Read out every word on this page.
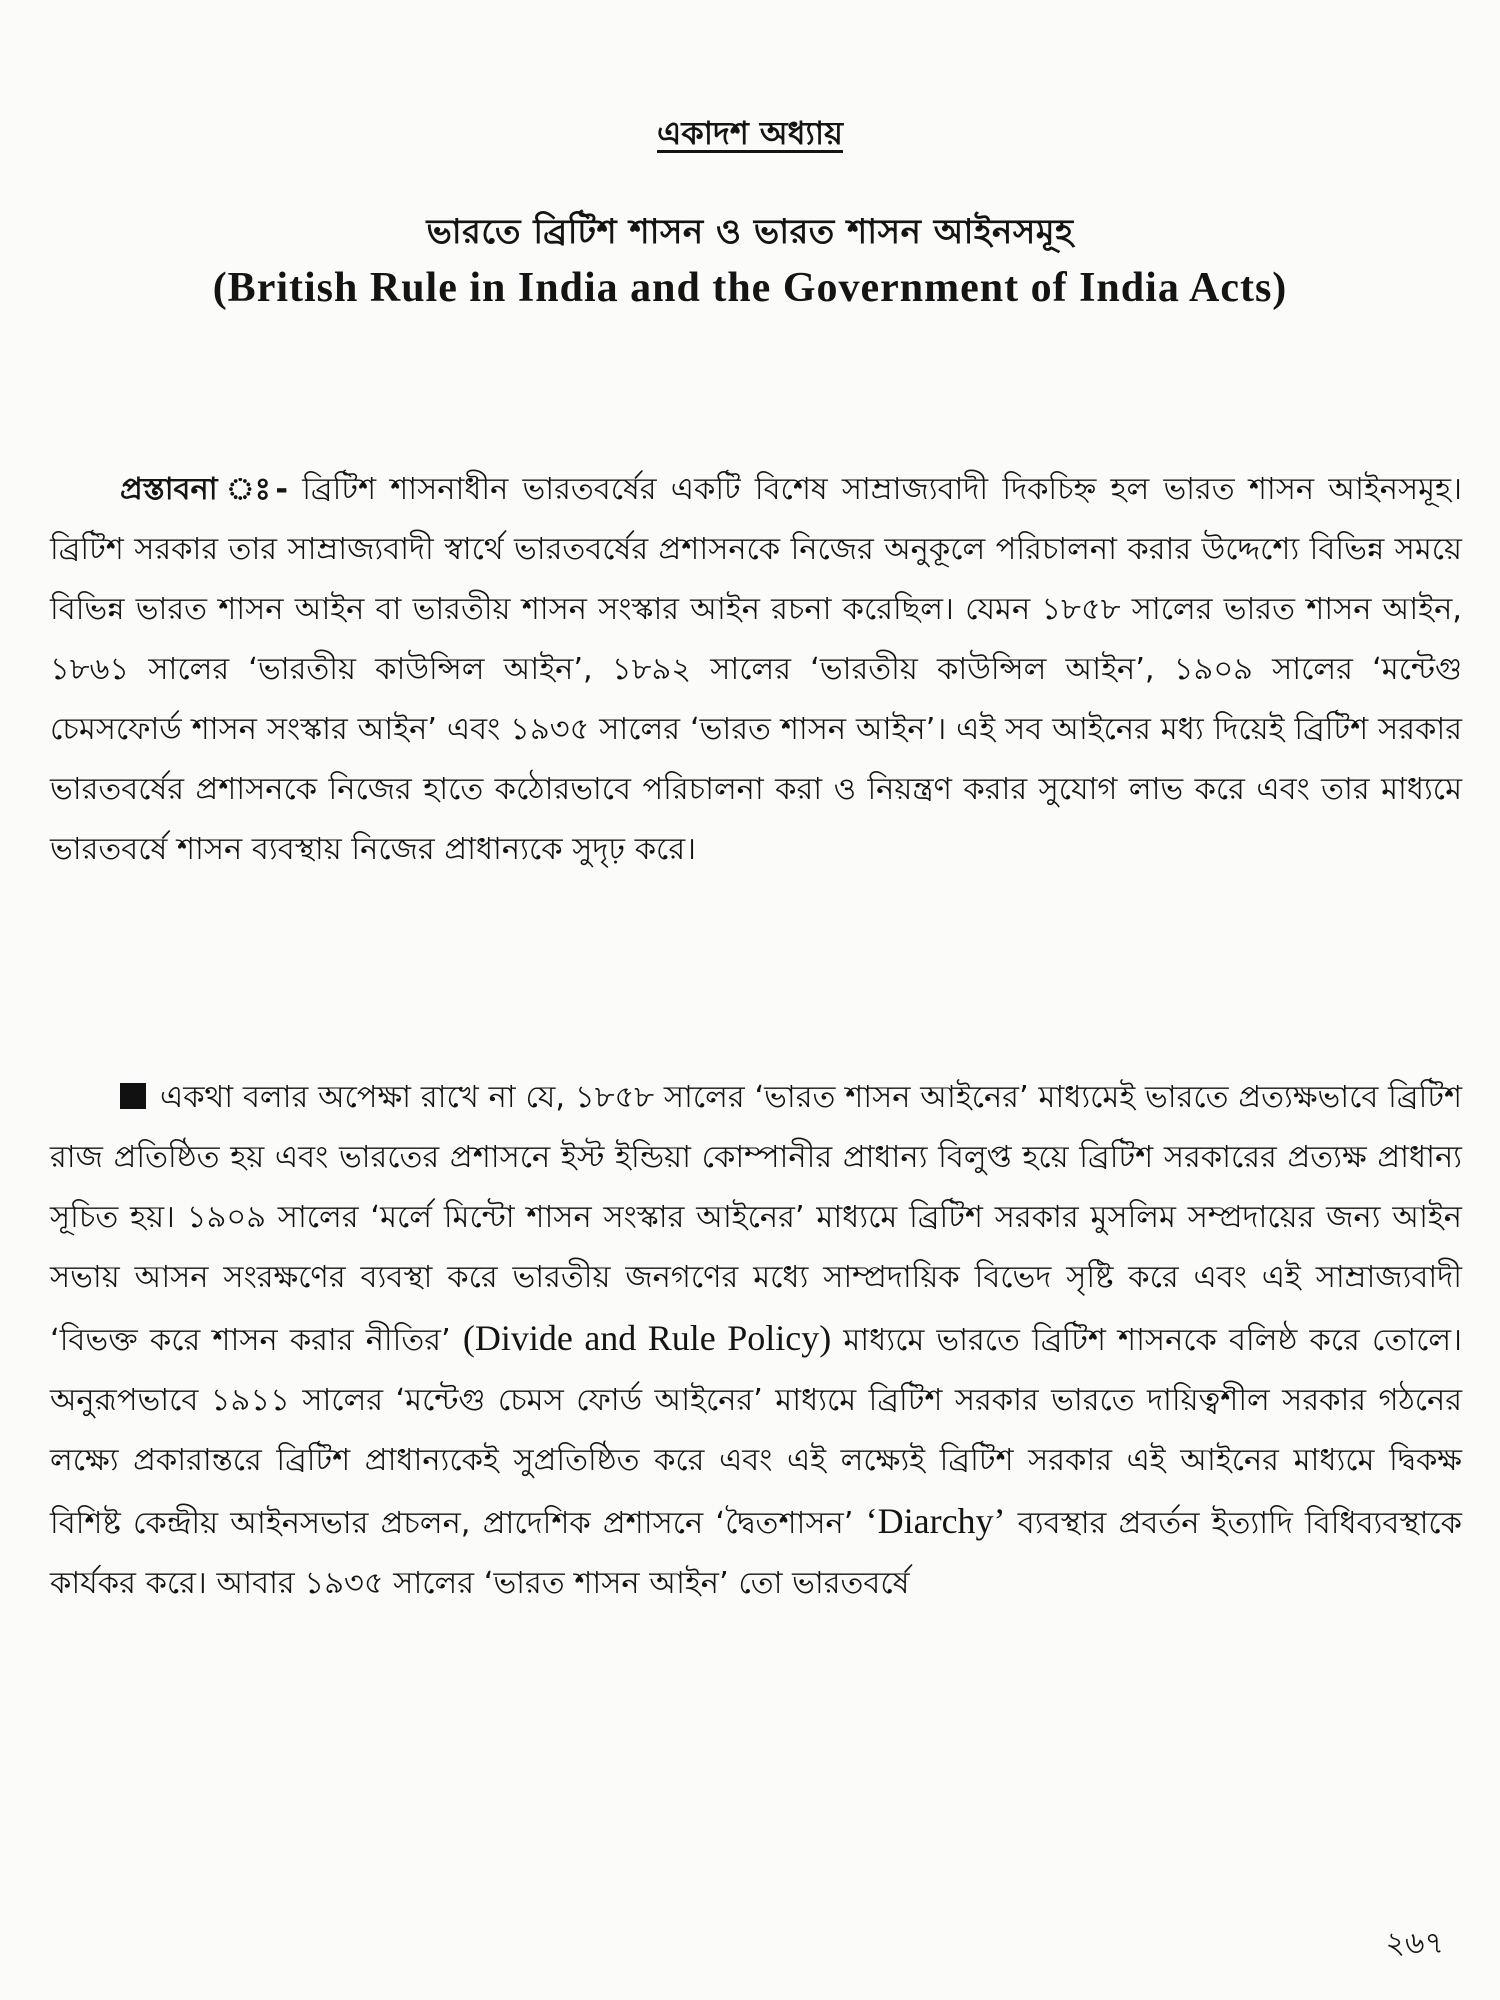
একাদশ অধ্যায়
ভারতে ব্রিটিশ শাসন ও ভারত শাসন আইনসমূহ
(British Rule in India and the Government of India Acts)

প্রস্তাবনা ঃ- ব্রিটিশ শাসনাধীন ভারতবর্ষের একটি বিশেষ সাম্রাজ্যবাদী দিকচিহ্ন হল ভারত শাসন আইনসমূহ। ব্রিটিশ সরকার তার সাম্রাজ্যবাদী স্বার্থে ভারতবর্ষের প্রশাসনকে নিজের অনুকূলে পরিচালনা করার উদ্দেশ্যে বিভিন্ন সময়ে বিভিন্ন ভারত শাসন আইন বা ভারতীয় শাসন সংস্কার আইন রচনা করেছিল। যেমন ১৮৫৮ সালের ভারত শাসন আইন, ১৮৬১ সালের ‘ভারতীয় কাউন্সিল আইন’, ১৮৯২ সালের ‘ভারতীয় কাউন্সিল আইন’, ১৯০৯ সালের ‘মন্টেগু চেমসফোর্ড শাসন সংস্কার আইন’ এবং ১৯৩৫ সালের ‘ভারত শাসন আইন’। এই সব আইনের মধ্য দিয়েই ব্রিটিশ সরকার ভারতবর্ষের প্রশাসনকে নিজের হাতে কঠোরভাবে পরিচালনা করা ও নিয়ন্ত্রণ করার সুযোগ লাভ করে এবং তার মাধ্যমে ভারতবর্ষে শাসন ব্যবস্থায় নিজের প্রাধান্যকে সুদৃঢ় করে।

একথা বলার অপেক্ষা রাখে না যে, ১৮৫৮ সালের ‘ভারত শাসন আইনের’ মাধ্যমেই ভারতে প্রত্যক্ষভাবে ব্রিটিশ রাজ প্রতিষ্ঠিত হয় এবং ভারতের প্রশাসনে ইস্ট ইন্ডিয়া কোম্পানীর প্রাধান্য বিলুপ্ত হয়ে ব্রিটিশ সরকারের প্রত্যক্ষ প্রাধান্য সূচিত হয়। ১৯০৯ সালের ‘মর্লে মিন্টো শাসন সংস্কার আইনের’ মাধ্যমে ব্রিটিশ সরকার মুসলিম সম্প্রদায়ের জন্য আইন সভায় আসন সংরক্ষণের ব্যবস্থা করে ভারতীয় জনগণের মধ্যে সাম্প্রদায়িক বিভেদ সৃষ্টি করে এবং এই সাম্রাজ্যবাদী ‘বিভক্ত করে শাসন করার নীতির’ (Divide and Rule Policy) মাধ্যমে ভারতে ব্রিটিশ শাসনকে বলিষ্ঠ করে তোলে। অনুরূপভাবে ১৯১১ সালের ‘মন্টেগু চেমস ফোর্ড আইনের’ মাধ্যমে ব্রিটিশ সরকার ভারতে দায়িত্বশীল সরকার গঠনের লক্ষ্যে প্রকারান্তরে ব্রিটিশ প্রাধান্যকেই সুপ্রতিষ্ঠিত করে এবং এই লক্ষ্যেই ব্রিটিশ সরকার এই আইনের মাধ্যমে দ্বিকক্ষ বিশিষ্ট কেন্দ্রীয় আইনসভার প্রচলন, প্রাদেশিক প্রশাসনে ‘দ্বৈতশাসন’ ‘Diarchy’ ব্যবস্থার প্রবর্তন ইত্যাদি বিধিব্যবস্থাকে কার্যকর করে। আবার ১৯৩৫ সালের ‘ভারত শাসন আইন’ তো ভারতবর্ষে

২৬৭
